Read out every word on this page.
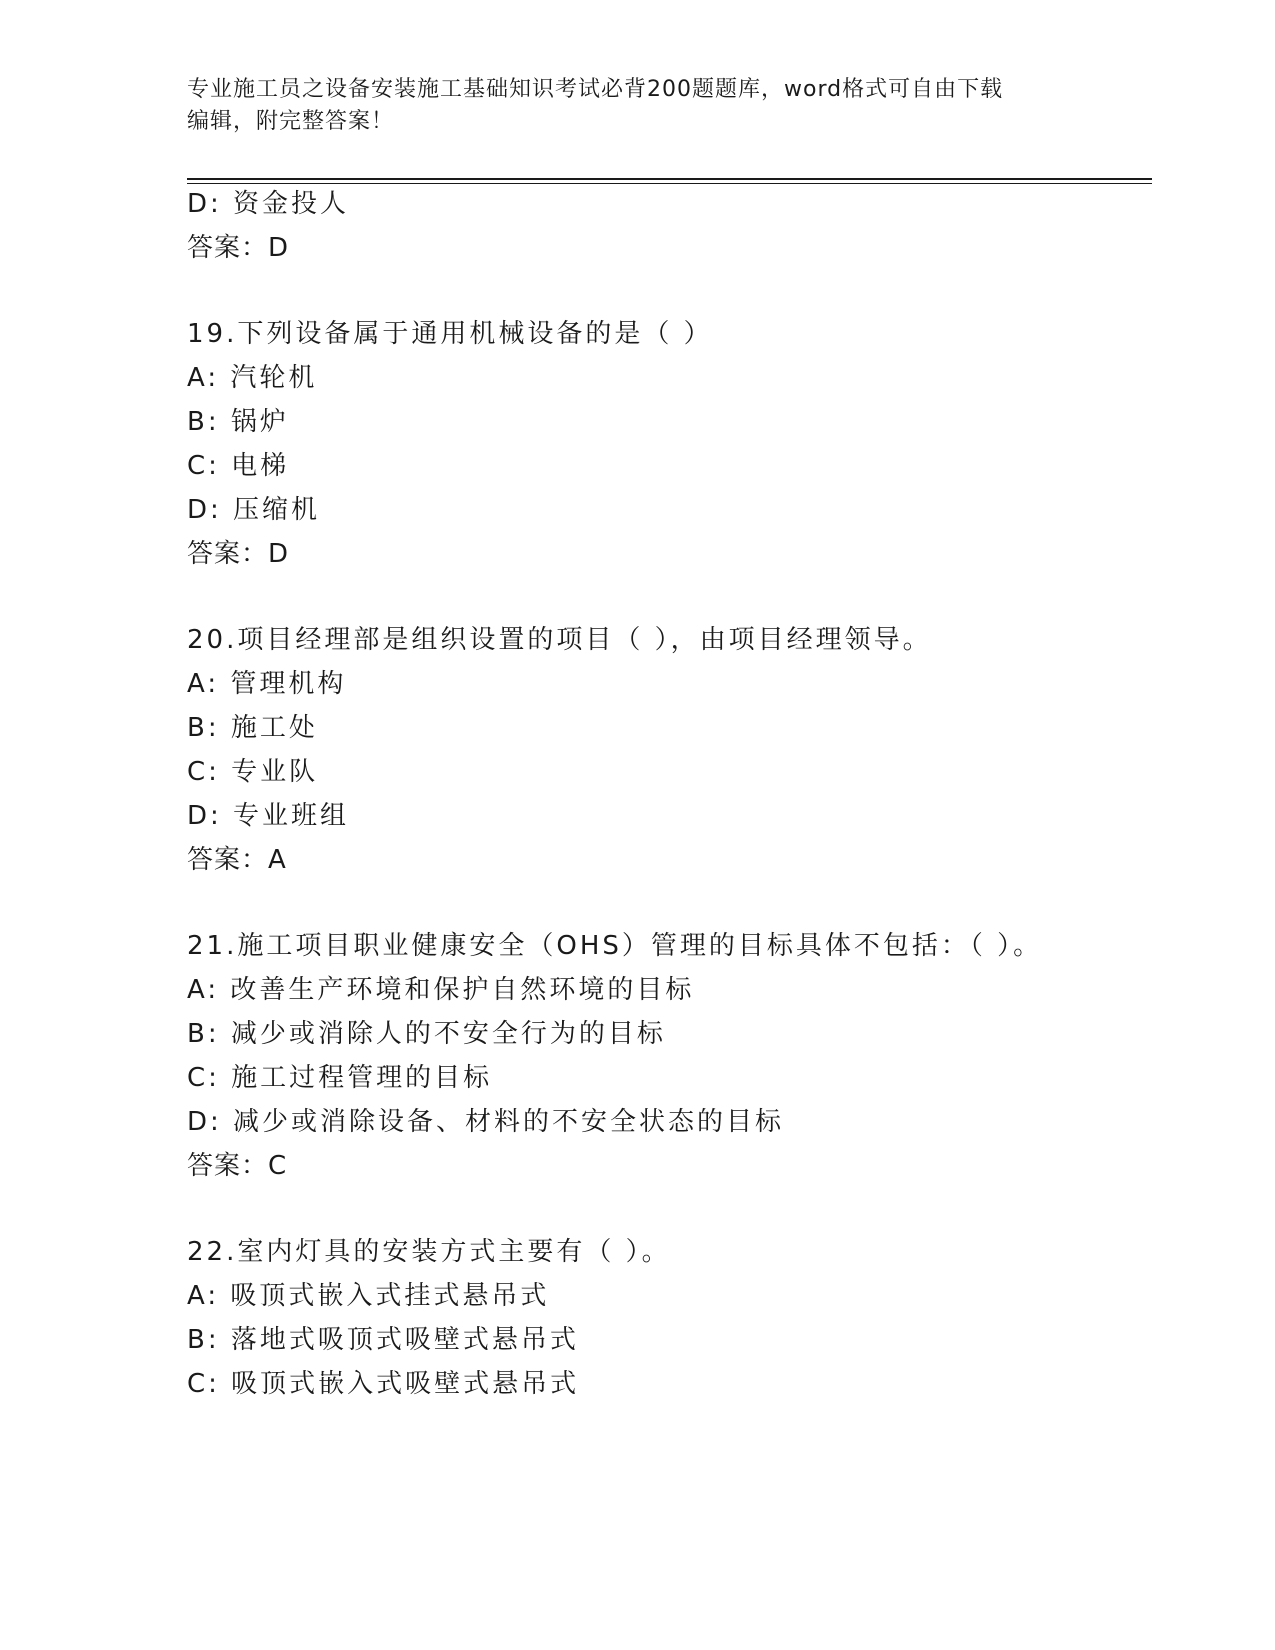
专业施工员之设备安装施工基础知识考试必背200题题库，word格式可自由下载
编辑，附完整答案！
D: 资金投人
答案：D
19.下列设备属于通用机械设备的是（ ）
A: 汽轮机
B: 锅炉
C: 电梯
D: 压缩机
答案：D
20.项目经理部是组织设置的项目（ ），由项目经理领导。
A: 管理机构
B: 施工处
C: 专业队
D: 专业班组
答案：A
21.施工项目职业健康安全（OHS）管理的目标具体不包括：（ ）。
A: 改善生产环境和保护自然环境的目标
B: 减少或消除人的不安全行为的目标
C: 施工过程管理的目标
D: 减少或消除设备、材料的不安全状态的目标
答案：C
22.室内灯具的安装方式主要有（ ）。
A: 吸顶式嵌入式挂式悬吊式
B: 落地式吸顶式吸壁式悬吊式
C: 吸顶式嵌入式吸壁式悬吊式
